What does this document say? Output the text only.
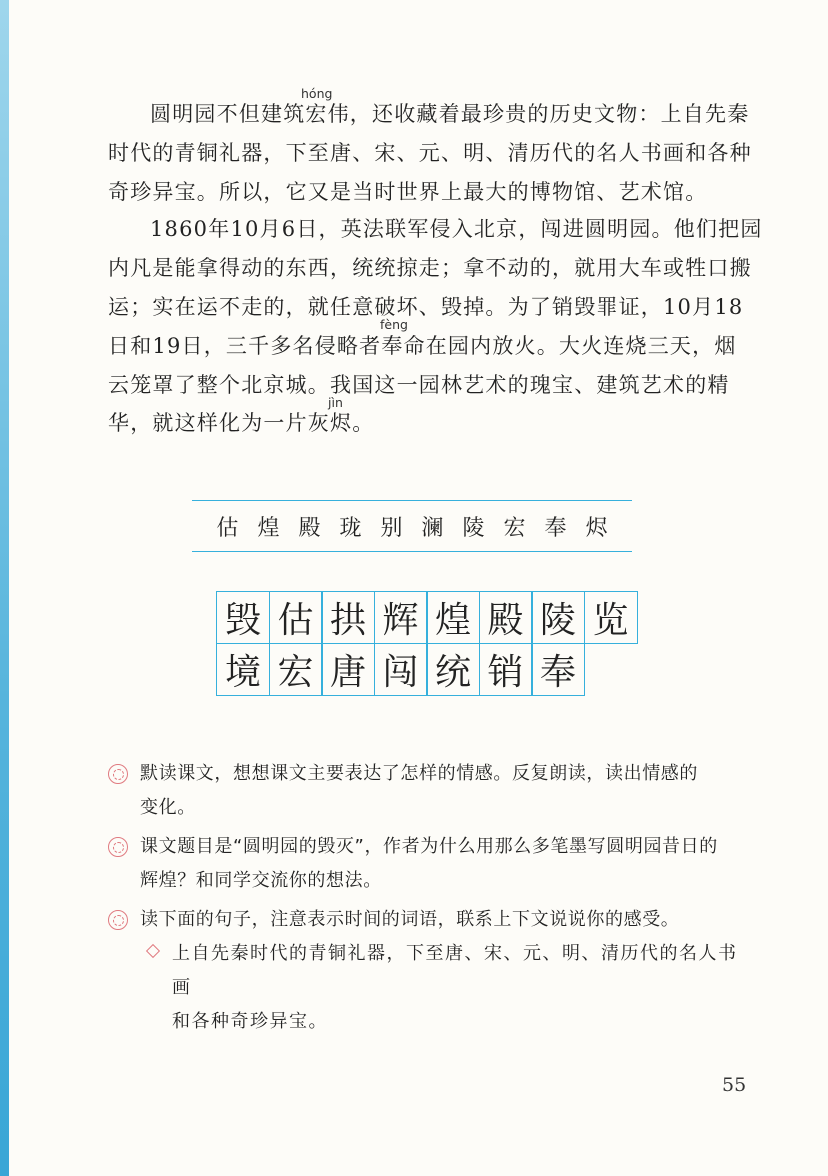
hóng
圆明园不但建筑宏伟，还收藏着最珍贵的历史文物：上自先秦
时代的青铜礼器，下至唐、宋、元、明、清历代的名人书画和各种
奇珍异宝。所以，它又是当时世界上最大的博物馆、艺术馆。
1860年10月6日，英法联军侵入北京，闯进圆明园。他们把园
内凡是能拿得动的东西，统统掠走；拿不动的，就用大车或牲口搬
运；实在运不走的，就任意破坏、毁掉。为了销毁罪证，10月18
fèng
日和19日，三千多名侵略者奉命在园内放火。大火连烧三天，烟
云笼罩了整个北京城。我国这一园林艺术的瑰宝、建筑艺术的精
jìn
华，就这样化为一片灰烬。
估 煌 殿 珑 别 澜 陵 宏 奉 烬
毁 估 拱 辉 煌 殿 陵 览
境 宏 唐 闯 统 销 奉
默读课文，想想课文主要表达了怎样的情感。反复朗读，读出情感的
变化。
课文题目是“圆明园的毁灭”，作者为什么用那么多笔墨写圆明园昔日的
辉煌？和同学交流你的想法。
读下面的句子，注意表示时间的词语，联系上下文说说你的感受。
上自先秦时代的青铜礼器，下至唐、宋、元、明、清历代的名人书画
和各种奇珍异宝。
55
